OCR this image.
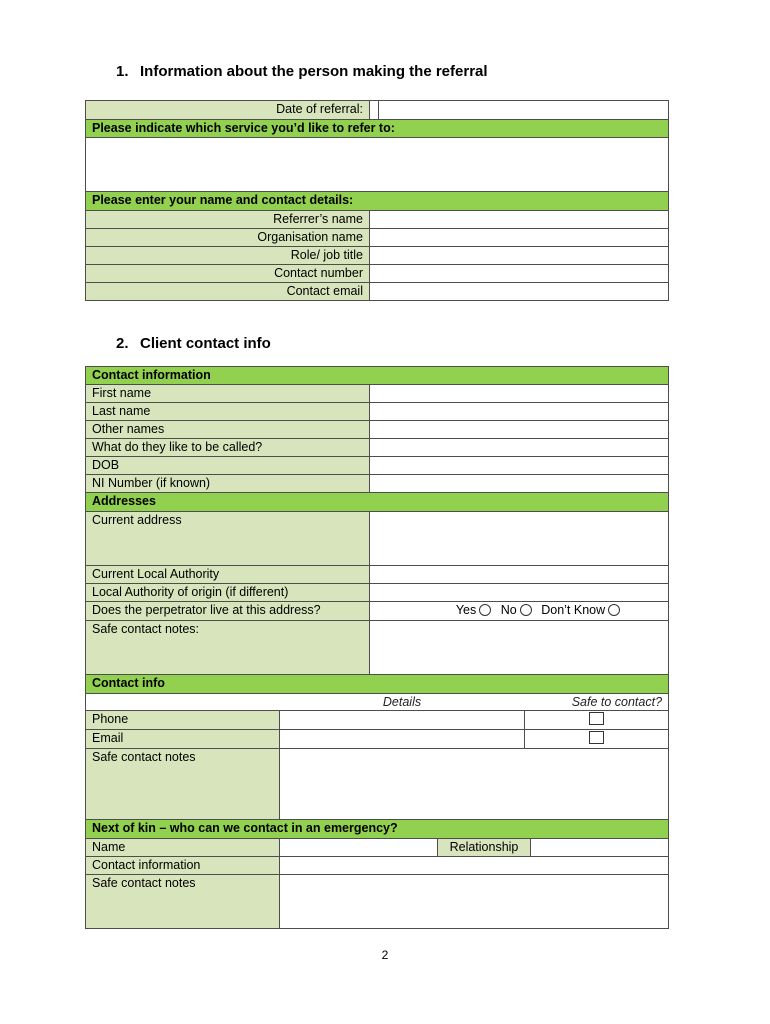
1. Information about the person making the referral
Date of referral:	

Please indicate which service you’d like to refer to:	

Please enter your name and contact details:	
Referrer’s name	
Organisation name	
Role/ job title	
Contact number	
Contact email	
2. Client contact info
Contact information					
First name					
Last name					
Other names					
What do they like to be called?					
DOB					
NI Number (if known)					
Addresses					
Current address					
Current Local Authority					
Local Authority of origin (if different)					
Does the perpetrator live at this address?		Yes No Don’t Know			
Safe contact notes:					
Contact info					
	Details			Safe to contact?	
Phone					
Email					
Safe contact notes					
Next of kin – who can we contact in an emergency?					
Name			Relationship		
Contact information					
Safe contact notes					
2
